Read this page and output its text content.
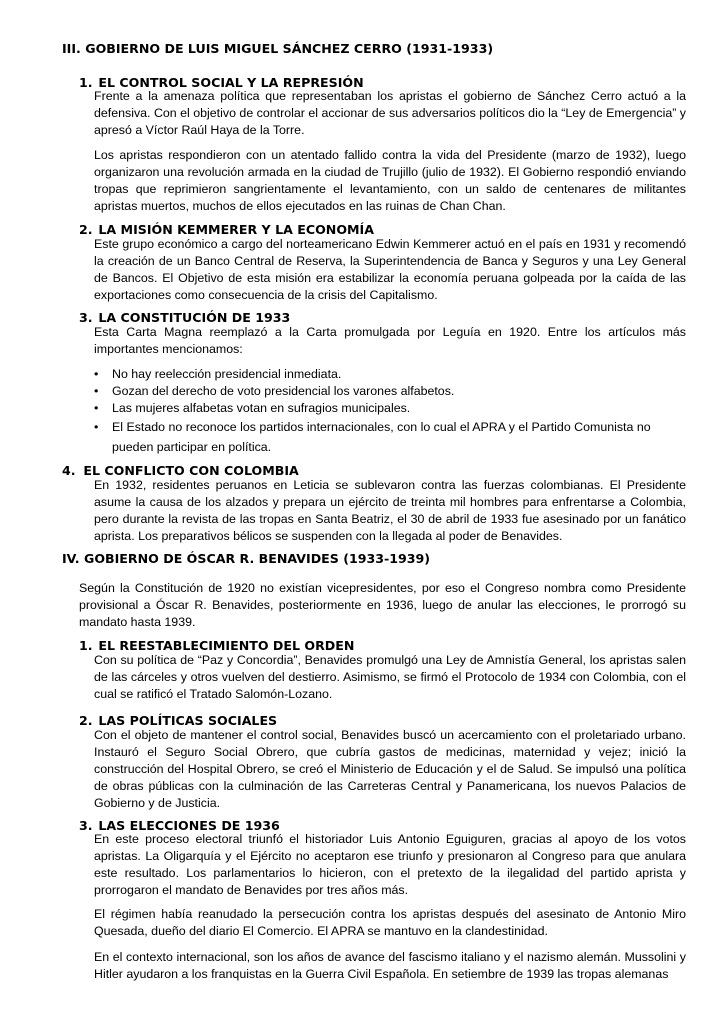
III. GOBIERNO DE LUIS MIGUEL SÁNCHEZ CERRO (1931-1933)
1. EL CONTROL SOCIAL Y LA REPRESIÓN

Frente a la amenaza política que representaban los apristas el gobierno de Sánchez Cerro actuó a la defensiva. Con el objetivo de controlar el accionar de sus adversarios políticos dio la “Ley de Emergencia” y apresó a Víctor Raúl Haya de la Torre.

Los apristas respondieron con un atentado fallido contra la vida del Presidente (marzo de 1932), luego organizaron una revolución armada en la ciudad de Trujillo (julio de 1932). El Gobierno respondió enviando tropas que reprimieron sangrientamente el levantamiento, con un saldo de centenares de militantes apristas muertos, muchos de ellos ejecutados en las ruinas de Chan Chan.

2. LA MISIÓN KEMMERER Y LA ECONOMÍA

Este grupo económico a cargo del norteamericano Edwin Kemmerer actuó en el país en 1931 y recomendó la creación de un Banco Central de Reserva, la Superintendencia de Banca y Seguros y una Ley General de Bancos. El Objetivo de esta misión era estabilizar la economía peruana golpeada por la caída de las exportaciones como consecuencia de la crisis del Capitalismo.

3. LA CONSTITUCIÓN DE 1933

Esta Carta Magna reemplazó a la Carta promulgada por Leguía en 1920. Entre los artículos más importantes mencionamos:

• No hay reelección presidencial inmediata.
• Gozan del derecho de voto presidencial los varones alfabetos.
• Las mujeres alfabetas votan en sufragios municipales.
• El Estado no reconoce los partidos internacionales, con lo cual el APRA y el Partido Comunista no pueden participar en política.
4. EL CONFLICTO CON COLOMBIA

En 1932, residentes peruanos en Leticia se sublevaron contra las fuerzas colombianas. El Presidente asume la causa de los alzados y prepara un ejército de treinta mil hombres para enfrentarse a Colombia, pero durante la revista de las tropas en Santa Beatriz, el 30 de abril de 1933 fue asesinado por un fanático aprista. Los preparativos bélicos se suspenden con la llegada al poder de Benavides.

IV. GOBIERNO DE ÓSCAR R. BENAVIDES (1933-1939)

Según la Constitución de 1920 no existían vicepresidentes, por eso el Congreso nombra como Presidente provisional a Óscar R. Benavides, posteriormente en 1936, luego de anular las elecciones, le prorrogó su mandato hasta 1939.

1. EL REESTABLECIMIENTO DEL ORDEN

Con su política de “Paz y Concordia”, Benavides promulgó una Ley de Amnistía General, los apristas salen de las cárceles y otros vuelven del destierro. Asimismo, se firmó el Protocolo de 1934 con Colombia, con el cual se ratificó el Tratado Salomón-Lozano.

2. LAS POLÍTICAS SOCIALES

Con el objeto de mantener el control social, Benavides buscó un acercamiento con el proletariado urbano. Instauró el Seguro Social Obrero, que cubría gastos de medicinas, maternidad y vejez; inició la construcción del Hospital Obrero, se creó el Ministerio de Educación y el de Salud. Se impulsó una política de obras públicas con la culminación de las Carreteras Central y Panamericana, los nuevos Palacios de Gobierno y de Justicia.

3. LAS ELECCIONES DE 1936

En este proceso electoral triunfó el historiador Luis Antonio Eguiguren, gracias al apoyo de los votos apristas. La Oligarquía y el Ejército no aceptaron ese triunfo y presionaron al Congreso para que anulara este resultado. Los parlamentarios lo hicieron, con el pretexto de la ilegalidad del partido aprista y prorrogaron el mandato de Benavides por tres años más.

El régimen había reanudado la persecución contra los apristas después del asesinato de Antonio Miro Quesada, dueño del diario El Comercio. El APRA se mantuvo en la clandestinidad.

En el contexto internacional, son los años de avance del fascismo italiano y el nazismo alemán. Mussolini y Hitler ayudaron a los franquistas en la Guerra Civil Española. En setiembre de 1939 las tropas alemanas
